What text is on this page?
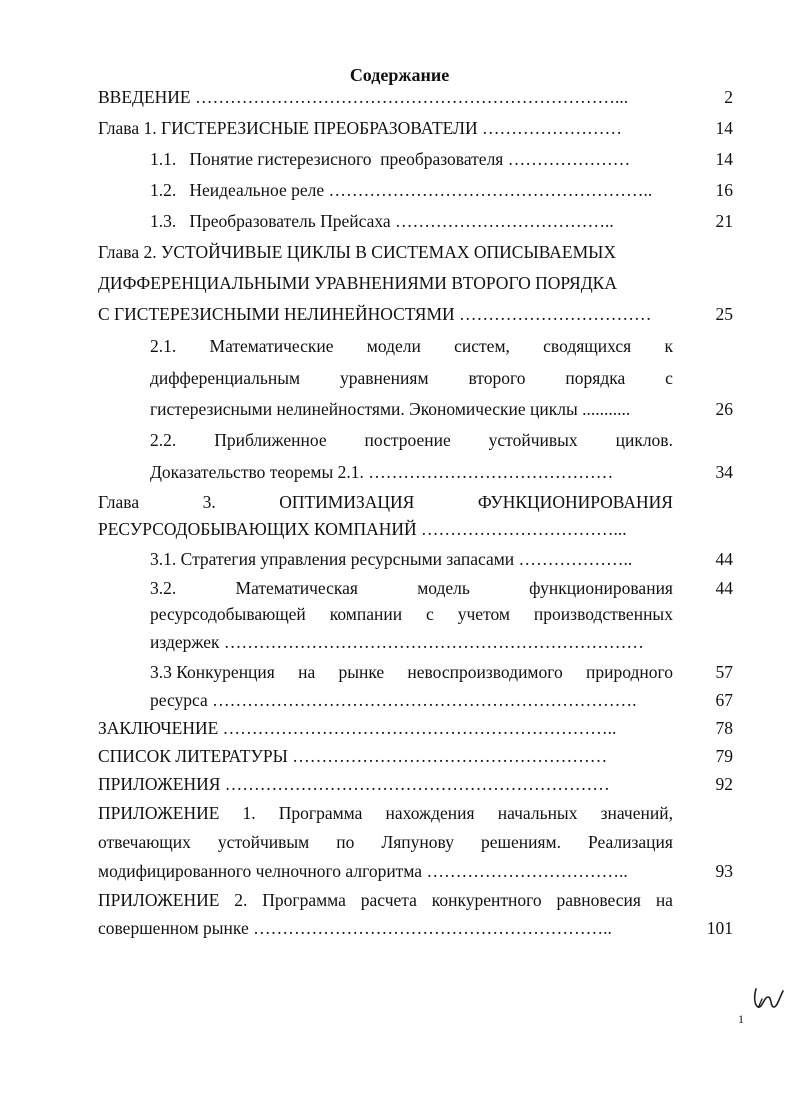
Содержание
ВВЕДЕНИЕ ………………………………………………………………...	2
Глава 1. ГИСТЕРЕЗИСНЫЕ ПРЕОБРАЗОВАТЕЛИ ……………………	14
1.1.   Понятие гистерезисного  преобразователя …………………	14
1.2.   Неидеальное реле ………………………………………………..	16
1.3.   Преобразователь Прейсаха ………………………………..	21
Глава 2. УСТОЙЧИВЫЕ ЦИКЛЫ В СИСТЕМАХ ОПИСЫВАЕМЫХ
ДИФФЕРЕНЦИАЛЬНЫМИ УРАВНЕНИЯМИ ВТОРОГО ПОРЯДКА
С ГИСТЕРЕЗИСНЫМИ НЕЛИНЕЙНОСТЯМИ ……………………………	25
2.1. Математические модели систем, сводящихся к
дифференциальным уравнениям второго порядка с
гистерезисными нелинейностями. Экономические циклы ...........	26
2.2. Приближенное построение устойчивых циклов.
Доказательство теоремы 2.1. ……………………………………	34
Глава	3.	ОПТИМИЗАЦИЯ	ФУНКЦИОНИРОВАНИЯ
РЕСУРСОДОБЫВАЮЩИХ КОМПАНИЙ ……………………………...
3.1. Стратегия управления ресурсными запасами ………………..	44
3.2.	Математическая	модель	функционирования	44
ресурсодобывающей компании с учетом производственных
издержек ………………………………………………………………
3.3 Конкуренция на рынке невоспроизводимого природного	57
ресурса ……………………………………………………………….	67
ЗАКЛЮЧЕНИЕ …………………………………………………………..	78
СПИСОК ЛИТЕРАТУРЫ ………………………………………………	79
ПРИЛОЖЕНИЯ …………………………………………………………	92
ПРИЛОЖЕНИЕ 1. Программа нахождения начальных значений,
отвечающих устойчивым по Ляпунову решениям. Реализация
модифицированного челночного алгоритма ……………………………..	93
ПРИЛОЖЕНИЕ 2. Программа расчета конкурентного равновесия на
совершенном рынке ……………………………………………………..	101
1
